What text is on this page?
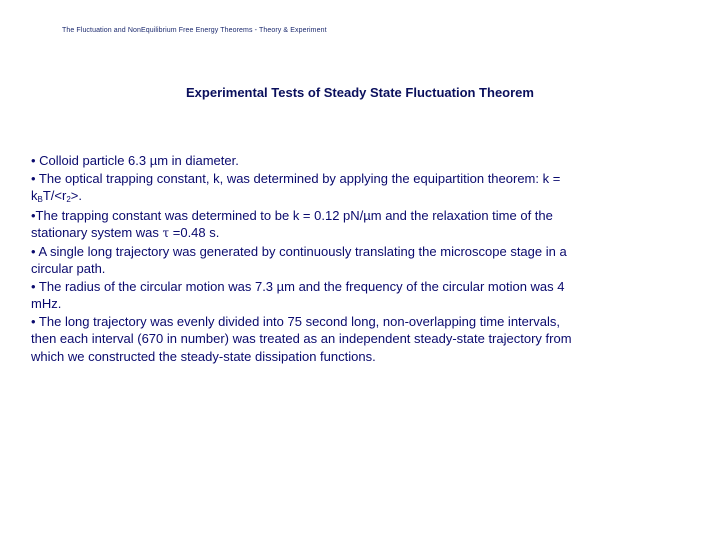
The Fluctuation and NonEquilibrium Free Energy Theorems - Theory & Experiment
Experimental Tests of Steady State Fluctuation Theorem
• Colloid particle 6.3 µm in diameter.
• The optical trapping constant, k, was determined by applying the equipartition theorem: k =
$k_BT/<r_2>$.
•The trapping constant was determined to be k = 0.12 pN/µm and the relaxation time of the
stationary system was τ =0.48 s.
• A single long trajectory was generated by continuously translating the microscope stage in a
circular path.
• The radius of the circular motion was 7.3 µm and the frequency of the circular motion was 4
mHz.
• The long trajectory was evenly divided into 75 second long, non-overlapping time intervals,
then each interval (670 in number) was treated as an independent steady-state trajectory from
which we constructed the steady-state dissipation functions.
